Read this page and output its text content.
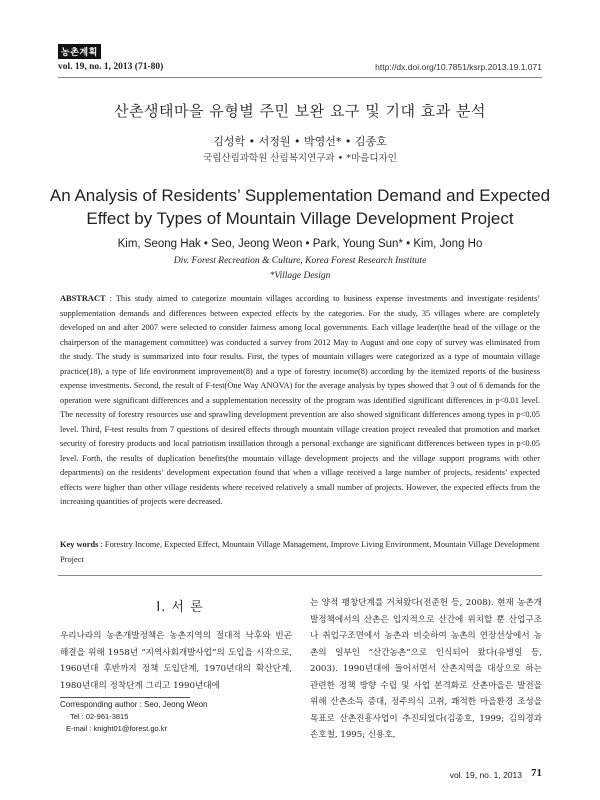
농촌계획
vol. 19, no. 1, 2013 (71-80)	http://dx.doi.org/10.7851/ksrp.2013.19.1.071
산촌생태마을 유형별 주민 보완 요구 및 기대 효과 분석
김성학 • 서정원 • 박영선* • 김종호
국립산림과학원 산림복지연구과 • *마을디자인
An Analysis of Residents’ Supplementation Demand and Expected
Effect by Types of Mountain Village Development Project
Kim, Seong Hak • Seo, Jeong Weon • Park, Young Sun* • Kim, Jong Ho
Div. Forest Recreation & Culture, Korea Forest Research Institute
*Village Design
ABSTRACT : This study aimed to categorize mountain villages according to business expense investments and investigate residents’ supplementation demands and differences between expected effects by the categories. For the study, 35 villages where are completely developed on and after 2007 were selected to consider fairness among local governments. Each village leader(the head of the village or the chairperson of the management committee) was conducted a survey from 2012 May to August and one copy of survey was eliminated from the study. The study is summarized into four results. First, the types of mountain villages were categorized as a type of mountain village practice(18), a type of life environment improvement(8) and a type of forestry income(8) according by the itemized reports of the business expense investments. Second, the result of F-test(One Way ANOVA) for the average analysis by types showed that 3 out of 6 demands for the operation were significant differences and a supplementation necessity of the program was identified significant differences in p<0.01 level. The necessity of forestry resources use and sprawling development prevention are also showed significant differences among types in p<0.05 level. Third, F-test results from 7 questions of desired effects through mountain village creation project revealed that promotion and market security of forestry products and local patriotism instillation through a personal exchange are significant differences between types in p<0.05 level. Forth, the results of duplication benefits(the mountain village development projects and the village support programs with other departments) on the residents’ development expectation found that when a village received a large number of projects, residents’ expected effects were higher than other village residents where received relatively a small number of projects. However, the expected effects from the increasing quantities of projects were decreased.
Key words : Forestry Income, Expected Effect, Mountain Village Management, Improve Living Environment, Mountain Village Development Project
Ⅰ. 서 론
우리나라의 농촌개발정책은 농촌지역의 절대적 낙후와 빈곤 해결을 위해 1958년 “지역사회개발사업”의 도입을 시작으로, 1960년대 후반까지 정책 도입단계, 1970년대의 확산단계, 1980년대의 정착단계 그리고 1990년대에
는 양적 팽창단계를 거쳐왔다(전준헌 등, 2008). 현재 농촌개발정책에서의 산촌은 입지적으로 산간에 위치할 뿐 산업구조나 취업구조면에서 농촌과 비슷하여 농촌의 연장선상에서 농촌의 일부인 “산간농촌”으로 인식되어 왔다(유병일 등, 2003). 1990년대에 들어서면서 산촌지역을 대상으로 하는 관련한 정책 방향 수립 및 사업 본격화로 산촌마을은 발전을 위해 산촌소득 증대, 정주의식 고취, 쾌적한 마을환경 조성을 목표로 산촌진흥사업이 추진되었다(김종호, 1999; 김의경과 손호철, 1995; 신용호,
Corresponding author : Seo, Jeong Weon
Tel : 02-961-3815
E-mail : knight01@forest.go.kr
vol. 19, no. 1, 2013 71
